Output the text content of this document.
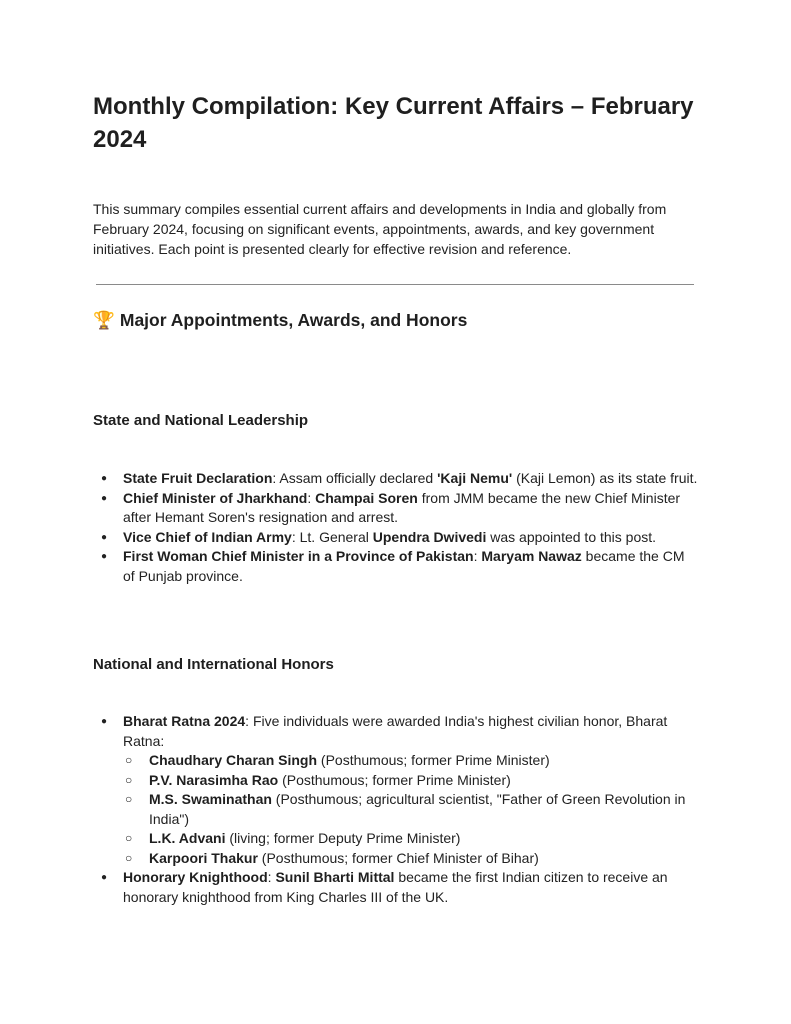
Monthly Compilation: Key Current Affairs – February 2024

This summary compiles essential current affairs and developments in India and globally from February 2024, focusing on significant events, appointments, awards, and key government initiatives. Each point is presented clearly for effective revision and reference.

🏆 Major Appointments, Awards, and Honors
State and National Leadership
● State Fruit Declaration: Assam officially declared 'Kaji Nemu' (Kaji Lemon) as its state fruit.
● Chief Minister of Jharkhand: Champai Soren from JMM became the new Chief Minister after Hemant Soren's resignation and arrest.
● Vice Chief of Indian Army: Lt. General Upendra Dwivedi was appointed to this post.
● First Woman Chief Minister in a Province of Pakistan: Maryam Nawaz became the CM of Punjab province.
National and International Honors
● Bharat Ratna 2024: Five individuals were awarded India's highest civilian honor, Bharat Ratna:
○ Chaudhary Charan Singh (Posthumous; former Prime Minister)
○ P.V. Narasimha Rao (Posthumous; former Prime Minister)
○ M.S. Swaminathan (Posthumous; agricultural scientist, "Father of Green Revolution in India")
○ L.K. Advani (living; former Deputy Prime Minister)
○ Karpoori Thakur (Posthumous; former Chief Minister of Bihar)
● Honorary Knighthood: Sunil Bharti Mittal became the first Indian citizen to receive an honorary knighthood from King Charles III of the UK.
